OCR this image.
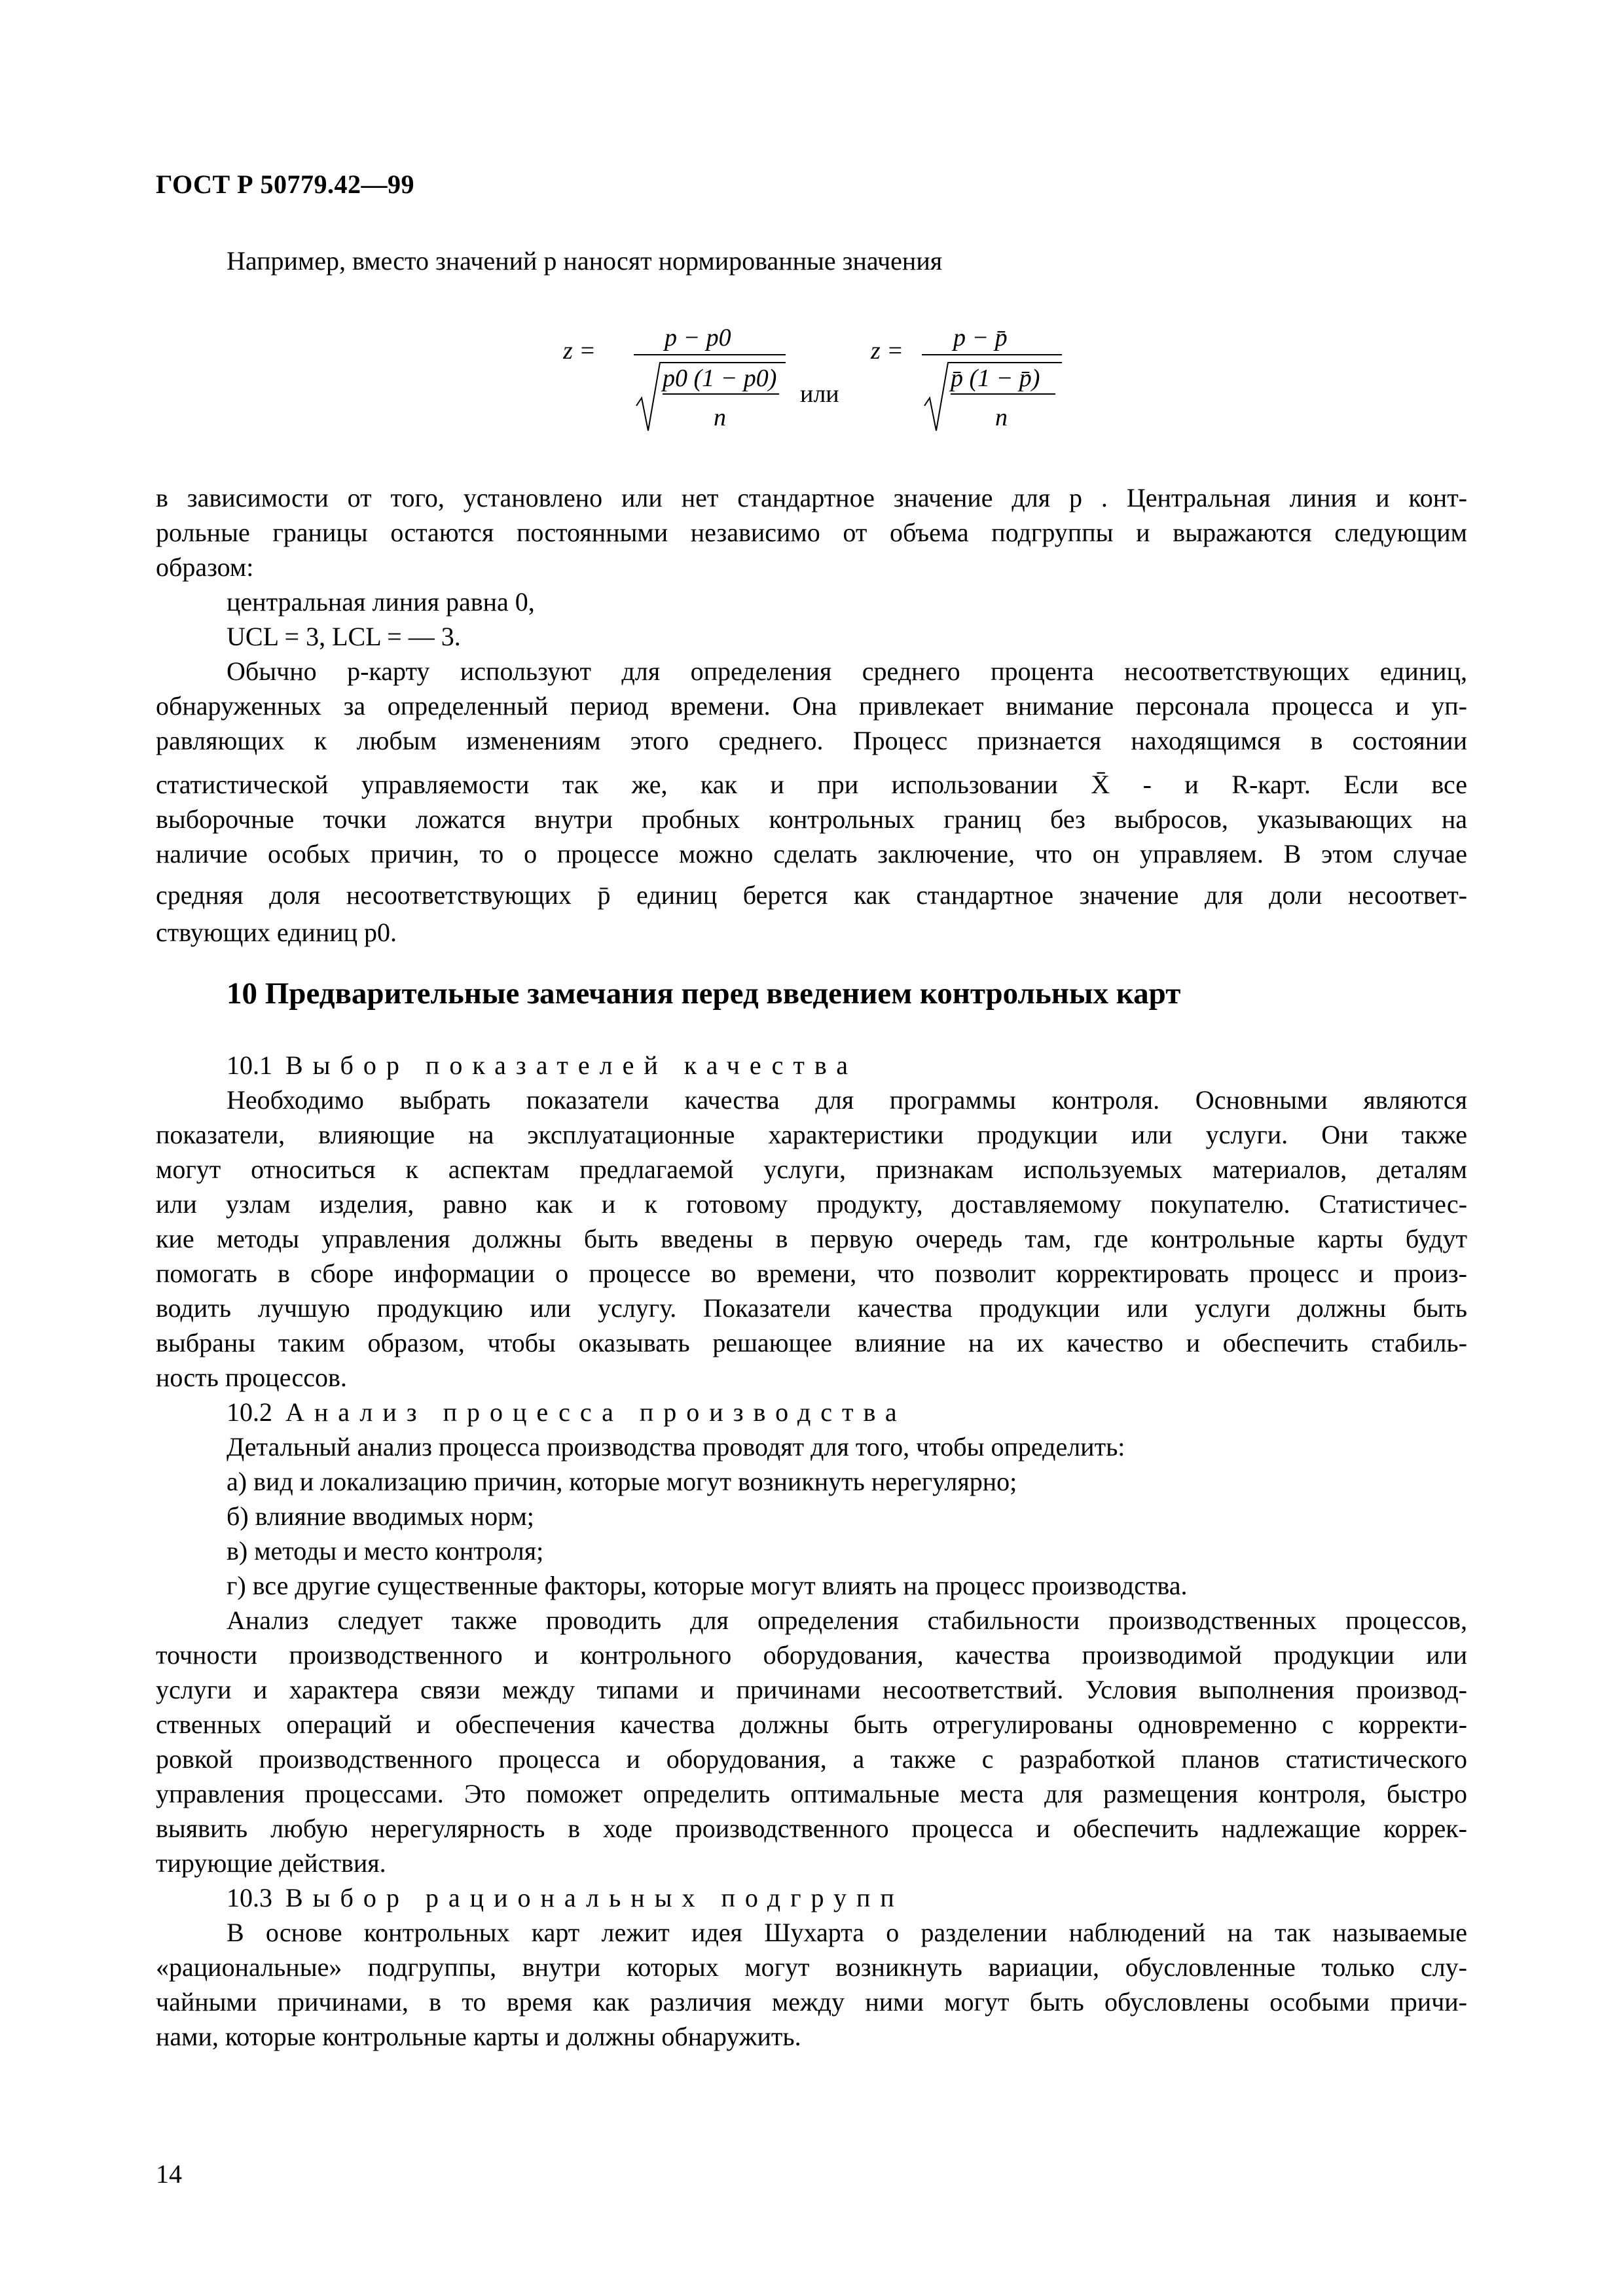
ГОСТ Р 50779.42—99
Например, вместо значений p наносят нормированные значения
z =	p − p0
p0 (1 − p0)
n
или
z = p − p̄
p̄ (1 − p̄)
n
в зависимости от того, установлено или нет стандартное значение для p . Центральная линия и конт-
рольные границы остаются постоянными независимо от объема подгруппы и выражаются следующим
образом:
центральная линия равна 0,
UCL = 3, LCL = — 3.
Обычно p-карту используют для определения среднего процента несоответствующих единиц,
обнаруженных за определенный период времени. Она привлекает внимание персонала процесса и уп-
равляющих к любым изменениям этого среднего. Процесс признается находящимся в состоянии
статистической управляемости так же, как и при использовании X̄ - и R-карт. Если все
выборочные точки ложатся внутри пробных контрольных границ без выбросов, указывающих на
наличие особых причин, то о процессе можно сделать заключение, что он управляем. В этом случае
средняя доля несоответствующих p̄ единиц берется как стандартное значение для доли несоответ-
ствующих единиц p0.
10 Предварительные замечания перед введением контрольных карт
10.1 Выбор показателей качества
Необходимо выбрать показатели качества для программы контроля. Основными являются
показатели, влияющие на эксплуатационные характеристики продукции или услуги. Они также
могут относиться к аспектам предлагаемой услуги, признакам используемых материалов, деталям
или узлам изделия, равно как и к готовому продукту, доставляемому покупателю. Статистичес-
кие методы управления должны быть введены в первую очередь там, где контрольные карты будут
помогать в сборе информации о процессе во времени, что позволит корректировать процесс и произ-
водить лучшую продукцию или услугу. Показатели качества продукции или услуги должны быть
выбраны таким образом, чтобы оказывать решающее влияние на их качество и обеспечить стабиль-
ность процессов.
10.2 Анализ процесса производства
Детальный анализ процесса производства проводят для того, чтобы определить:
а) вид и локализацию причин, которые могут возникнуть нерегулярно;
б) влияние вводимых норм;
в) методы и место контроля;
г) все другие существенные факторы, которые могут влиять на процесс производства.
Анализ следует также проводить для определения стабильности производственных процессов,
точности производственного и контрольного оборудования, качества производимой продукции или
услуги и характера связи между типами и причинами несоответствий. Условия выполнения производ-
ственных операций и обеспечения качества должны быть отрегулированы одновременно с корректи-
ровкой производственного процесса и оборудования, а также с разработкой планов статистического
управления процессами. Это поможет определить оптимальные места для размещения контроля, быстро
выявить любую нерегулярность в ходе производственного процесса и обеспечить надлежащие коррек-
тирующие действия.
10.3 Выбор рациональных подгрупп
В основе контрольных карт лежит идея Шухарта о разделении наблюдений на так называемые
«рациональные» подгруппы, внутри которых могут возникнуть вариации, обусловленные только слу-
чайными причинами, в то время как различия между ними могут быть обусловлены особыми причи-
нами, которые контрольные карты и должны обнаружить.
14
